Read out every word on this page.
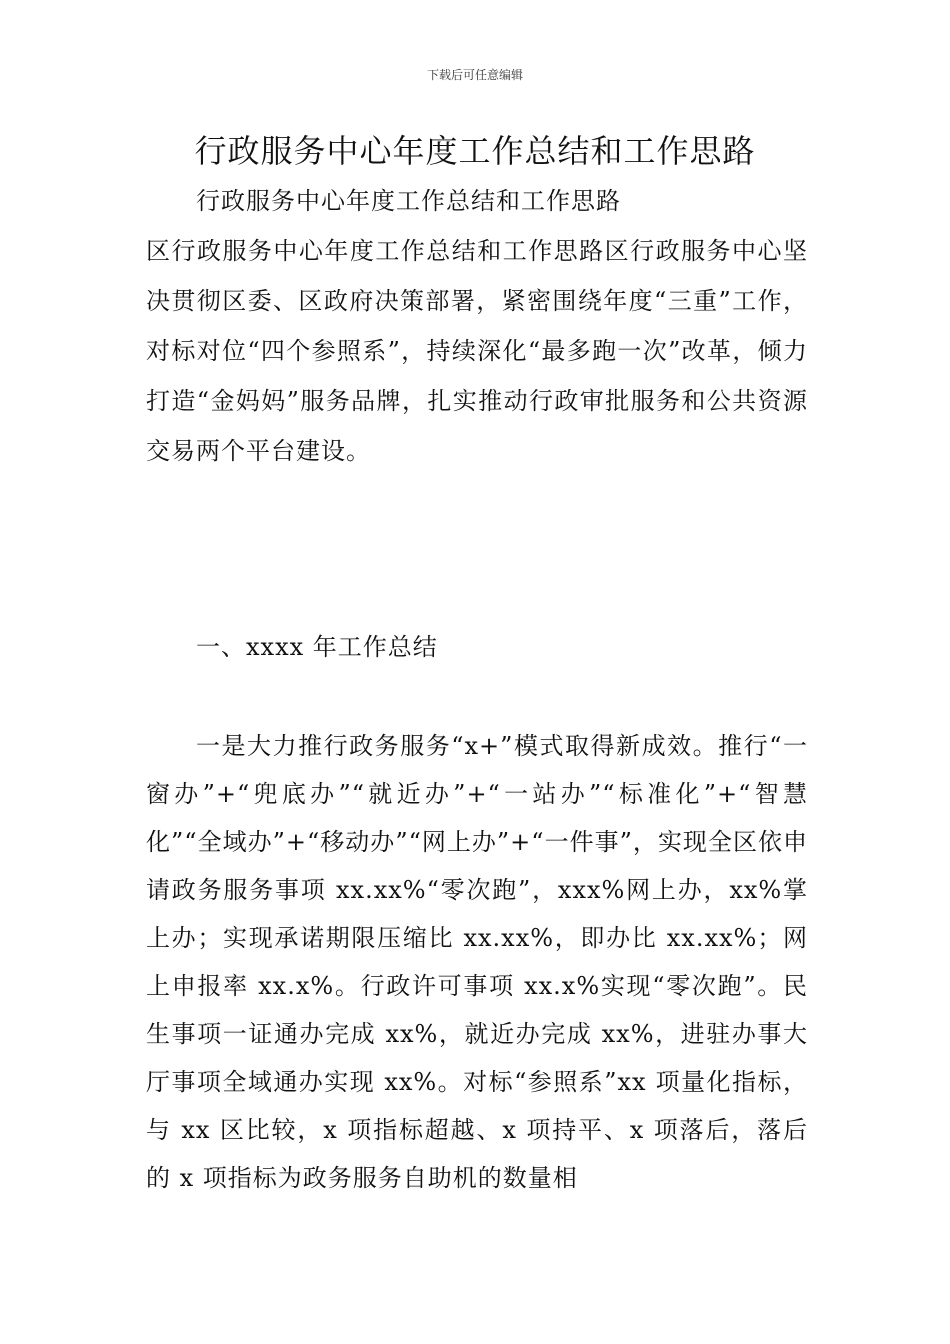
下载后可任意编辑
行政服务中心年度工作总结和工作思路
行政服务中心年度工作总结和工作思路
区行政服务中心年度工作总结和工作思路区行政服务中心坚决贯彻区委、区政府决策部署，紧密围绕年度“三重”工作，对标对位“四个参照系”，持续深化“最多跑一次”改革，倾力打造“金妈妈”服务品牌，扎实推动行政审批服务和公共资源交易两个平台建设。
一、xxxx 年工作总结
一是大力推行政务服务“x+”模式取得新成效。推行“一窗办”+“兜底办”“就近办”+“一站办”“标准化”+“智慧化”“全域办”+“移动办”“网上办”+“一件事”，实现全区依申请政务服务事项 xx.xx%“零次跑”，xxx%网上办，xx%掌上办；实现承诺期限压缩比 xx.xx%，即办比 xx.xx%；网上申报率 xx.x%。行政许可事项 xx.x%实现“零次跑”。民生事项一证通办完成 xx%，就近办完成 xx%，进驻办事大厅事项全域通办实现 xx%。对标“参照系”xx 项量化指标，与 xx 区比较，x 项指标超越、x 项持平、x 项落后，落后的 x 项指标为政务服务自助机的数量相
